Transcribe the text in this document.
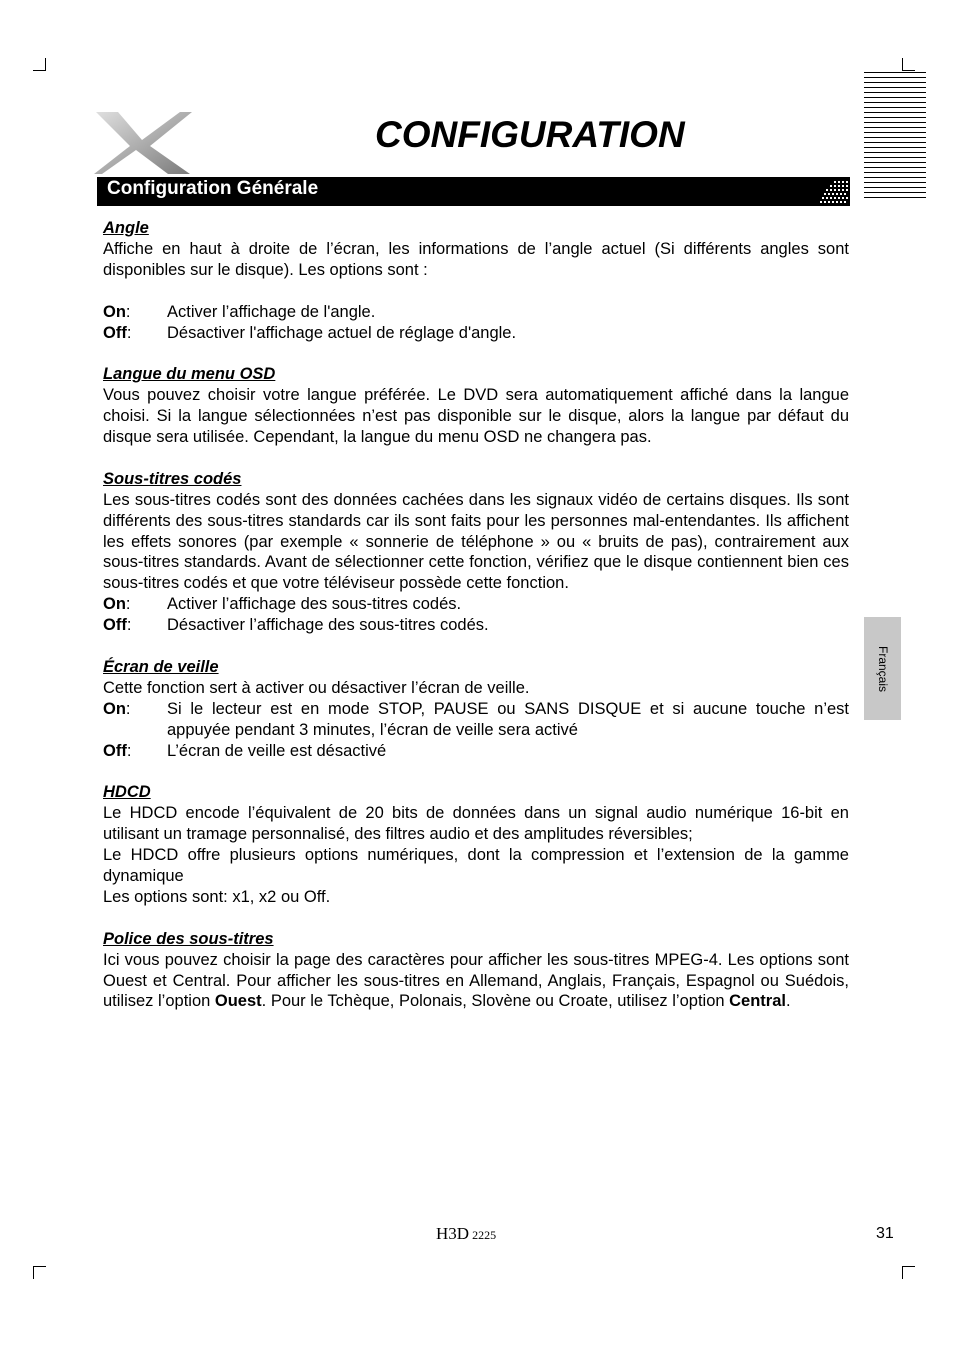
CONFIGURATION
Configuration Générale
Angle

Affiche en haut à droite de l’écran, les informations de l’angle actuel (Si différents angles sont disponibles sur le disque). Les options sont :

On:	Activer l’affichage de l'angle.
Off:	Désactiver l'affichage actuel de réglage d'angle.
Langue du menu OSD

Vous pouvez choisir votre langue préférée. Le DVD sera automatiquement affiché dans la langue choisi. Si la langue sélectionnées n’est pas disponible sur le disque, alors la langue par défaut du disque sera utilisée. Cependant, la langue du menu OSD ne changera pas.

Sous-titres codés

Les sous-titres codés sont des données cachées dans les signaux vidéo de certains disques. Ils sont différents des sous-titres standards car ils sont faits pour les personnes mal-entendantes. Ils affichent les effets sonores (par exemple « sonnerie de téléphone » ou « bruits de pas), contrairement aux sous-titres standards. Avant de sélectionner cette fonction, vérifiez que le disque contiennent bien ces sous-titres codés et que votre téléviseur possède cette fonction.

On:	Activer l’affichage des sous-titres codés.
Off:	Désactiver l’affichage des sous-titres codés.
Écran de veille

Cette fonction sert à activer ou désactiver l’écran de veille.

On:	Si le lecteur est en mode STOP, PAUSE ou SANS DISQUE et si aucune touche n’est appuyée pendant 3 minutes, l’écran de veille sera activé
Off:	L’écran de veille est désactivé
HDCD

Le HDCD encode l’équivalent de 20 bits de données dans un signal audio numérique 16-bit en utilisant un tramage personnalisé, des filtres audio et des amplitudes réversibles;

Le HDCD offre plusieurs options numériques, dont la compression et l’extension de la gamme dynamique

Les options sont: x1, x2 ou Off.

Police des sous-titres

Ici vous pouvez choisir la page des caractères pour afficher les sous-titres MPEG-4. Les options sont Ouest et Central. Pour afficher les sous-titres en Allemand, Anglais, Français, Espagnol ou Suédois, utilisez l’option Ouest. Pour le Tchèque, Polonais, Slovène ou Croate, utilisez l’option Central.

Français
H3D 2225	31
